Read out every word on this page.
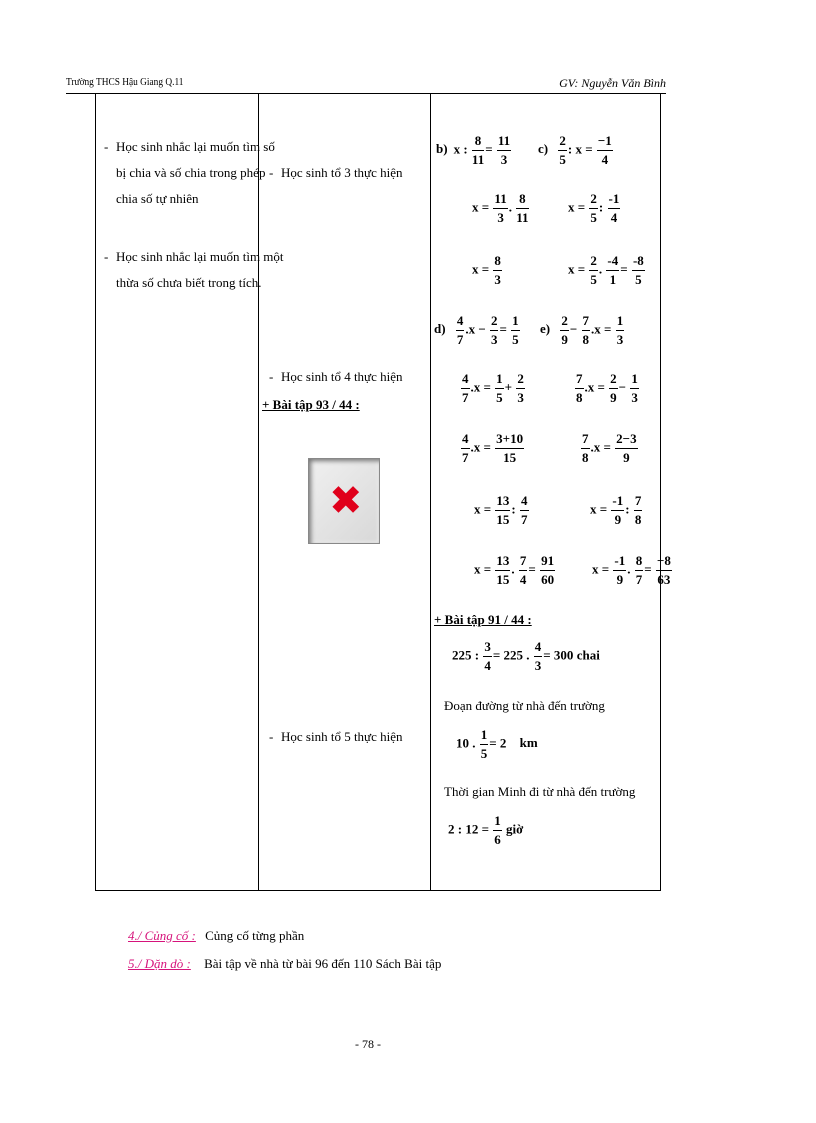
Trường THCS Hậu Giang Q.11	GV: Nguyễn Văn Bình
- Học sinh nhắc lại muốn tìm số bị chia và số chia trong phép chia số tự nhiên
- Học sinh nhắc lại muốn tìm một thừa số chưa biết trong tích.
- Học sinh tổ 3 thực hiện
- Học sinh tổ 4 thực hiện
+ Bài tập 93 / 44 :
✖
- Học sinh tổ 5 thực hiện
b) x : $\frac{8}{11} = \frac{11}{3} c) \frac{2}{5}$ : $x = \frac{-1}{4}$
$x = \frac{11}{3}$ . $\frac{8}{11}$	$x = \frac{2}{5}$ : $\frac{-1}{4}$
$x = \frac{8}{3}$	$x = \frac{2}{5}$ . $\frac{-4}{1} = \frac{-8}{5}$
$d) \frac{4}{7} .x - \frac{2}{3} = \frac{1}{5} e) \frac{2}{9} - \frac{7}{8} .x = \frac{1}{3}$
$\frac{4}{7} .x = \frac{1}{5} + \frac{2}{3}$	$\frac{7}{8} .x = \frac{2}{9} - \frac{1}{3}$
$\frac{4}{7} .x = \frac{3+10}{15}$	$\frac{7}{8} .x = \frac{2-3}{9}$
$x = \frac{13}{15}$ : $\frac{4}{7}$	$x = \frac{-1}{9}$ : $\frac{7}{8}$
$x = \frac{13}{15}$ . $\frac{7}{4} = \frac{91}{60}$	$x = \frac{-1}{9}$ . $\frac{8}{7} = \frac{-8}{63}$
+ Bài tập 91 / 44 :
225 : $\frac{3}{4} = 225$ . $\frac{4}{3} = 300$ chai
Đoạn đường từ nhà đến trường
10 . $\frac{1}{5} = 2$ km
Thời gian Minh đi từ nhà đến trường
2 : $12 = \frac{1}{6}$ giờ
4./ Củng cố : Củng cố từng phần
5./ Dặn dò : Bài tập về nhà từ bài 96 đến 110 Sách Bài tập
- 78 -
